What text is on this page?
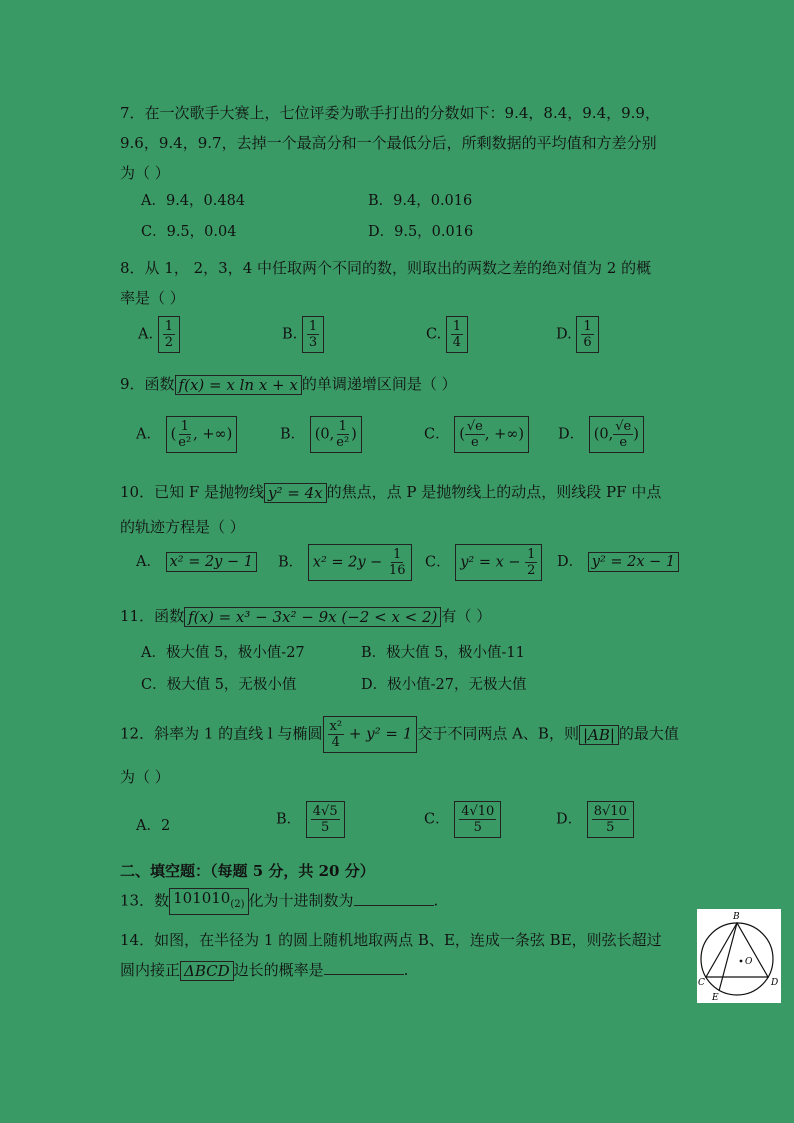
7．在一次歌手大赛上，七位评委为歌手打出的分数如下：9.4，8.4，9.4，9.9，
9.6，9.4，9.7，去掉一个最高分和一个最低分后，所剩数据的平均值和方差分别
为（ ）
A．9.4，0.484	B．9.4，0.016
C．9.5，0.04	D．9.5，0.016
8．从 1， 2，3，4 中任取两个不同的数，则取出的两数之差的绝对值为 2 的概
率是（ ）
A. $\frac{1}{2}$	B. $\frac{1}{3}$	C. $\frac{1}{4}$	D. $\frac{1}{6}$
9．函数 f(x) = x ln x + x 的单调递增区间是（ ）
A． ( $\frac{1}{\text{e²}}$ , +∞)	B． (0, $\frac{1}{\text{e²}}$ )	C． ( $\frac{√e}{e}$ , +∞)	D． (0, $\frac{√e}{e}$ )
10．已知 F 是抛物线 y² = 4x 的焦点，点 P 是抛物线上的动点，则线段 PF 中点
的轨迹方程是（ ）
A． x² = 2y − 1 B． $x^2 = 2y - \frac{1}{16}$ C． $y^2 = x - \frac{1}{2}$ D． y² = 2x − 1
11．函数 f(x) = x³ − 3x² − 9x (−2 < x < 2) 有（ ）
A．极大值 5，极小值-27	B．极大值 5，极小值-11
C．极大值 5，无极小值	D．极小值-27，无极大值
12．斜率为 1 的直线 l 与椭圆 $\frac{\text{x²}}{4} + y^2 = 1$ 交于不同两点 A、B，则 |AB| 的最大值
为（ ）
A．2	B． $\frac{4√5}{5}$	C． $\frac{4√10}{5}$	D． $\frac{8√10}{5}$
二、填空题：（每题 5 分，共 20 分）
13．数 $101010_{(2)}$ 化为十进制数为	.
14．如图，在半径为 1 的圆上随机地取两点 B、E，连成一条弦 BE，则弦长超过
圆内接正 ΔBCD 边长的概率是	.
B
C	D
E
O
